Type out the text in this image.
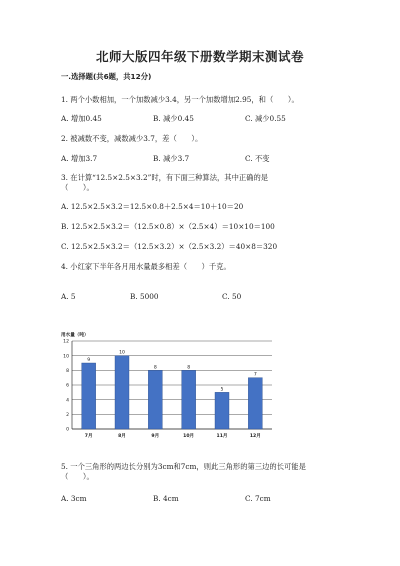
北师大版四年级下册数学期末测试卷
一.选择题(共6题，共12分)
1. 两个小数相加，一个加数减少3.4，另一个加数增加2.95，和（　　）。
A. 增加0.45	B. 减少0.45	C. 减少0.55
2. 被减数不变，减数减少3.7，差（　　）。
A. 增加3.7	B. 减少3.7	C. 不变
3. 在计算“12.5×2.5×3.2”时，有下面三种算法，其中正确的是
（　　）。
A. 12.5×2.5×3.2＝12.5×0.8＋2.5×4＝10＋10＝20
B. 12.5×2.5×3.2＝（12.5×0.8）×（2.5×4）＝10×10＝100
C. 12.5×2.5×3.2＝（12.5×3.2）×（2.5×3.2）＝40×8＝320
4. 小红家下半年各月用水量最多相差（　　）千克。
A. 5	B. 5000	C. 50
用水量（吨）
0
2
4
6
8
10
12
9
7月
10
8月
8
9月
8
10月
5
11月
7
12月
5. 一个三角形的两边长分别为3cm和7cm，则此三角形的第三边的长可能是
（　　）。
A. 3cm	B. 4cm	C. 7cm
